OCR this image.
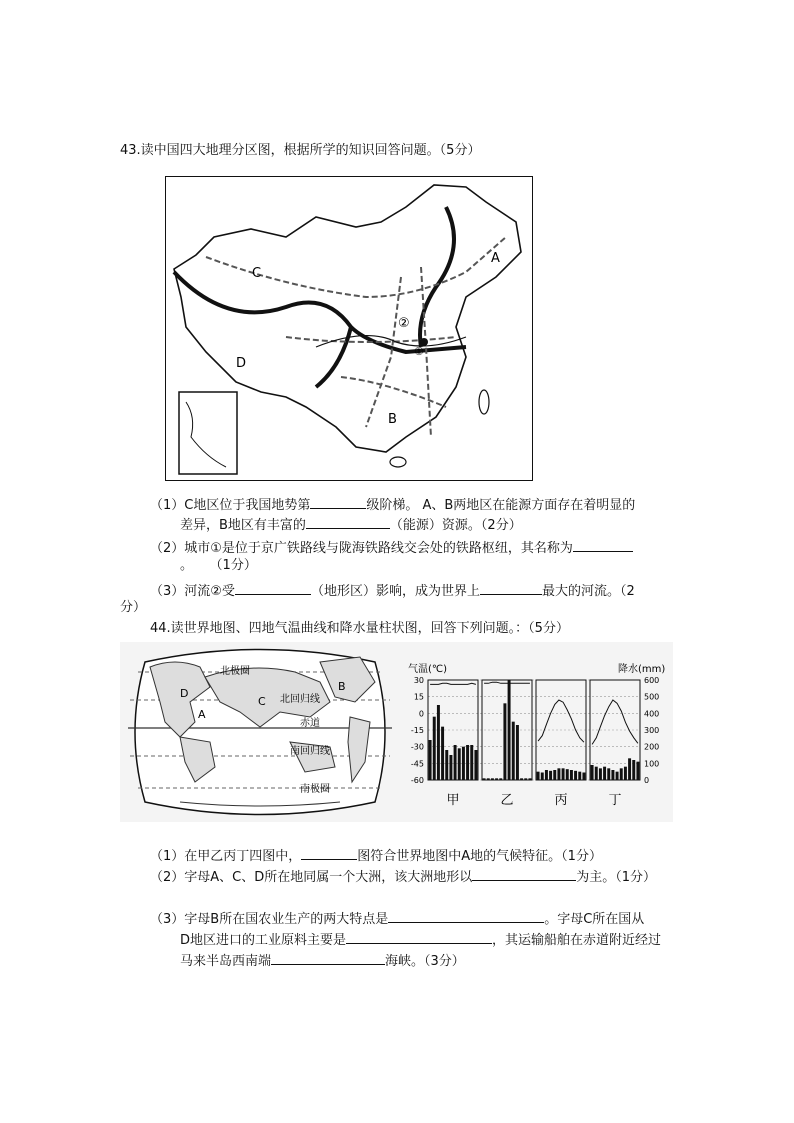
43.读中国四大地理分区图，根据所学的知识回答问题。（5分）
A
B
C
D
②
①
（1）C地区位于我国地势第	级阶梯。 A、B两地区在能源方面存在着明显的
差异，B地区有丰富的	（能源）资源。（2分）
（2）城市①是位于京广铁路线与陇海铁路线交会处的铁路枢纽，其名称为
。 （1分）
（3）河流②受	（地形区）影响，成为世界上	最大的河流。（2
分）
44.读世界地图、四地气温曲线和降水量柱状图，回答下列问题。：（5分）
北极圈
北回归线
赤道
南回归线
南极圈
A
B
C
D
气温(℃)	降水(mm)
30
15
0
-15
-30
-45
-60
600
500
400
300
200
100
0
甲	乙	丙	丁
（1）在甲乙丙丁四图中，	图符合世界地图中A地的气候特征。（1分）
（2）字母A、C、D所在地同属一个大洲，该大洲地形以	为主。（1分）
（3）字母B所在国农业生产的两大特点是	。字母C所在国从
D地区进口的工业原料主要是	，其运输船舶在赤道附近经过
马来半岛西南端	海峡。（3分）
